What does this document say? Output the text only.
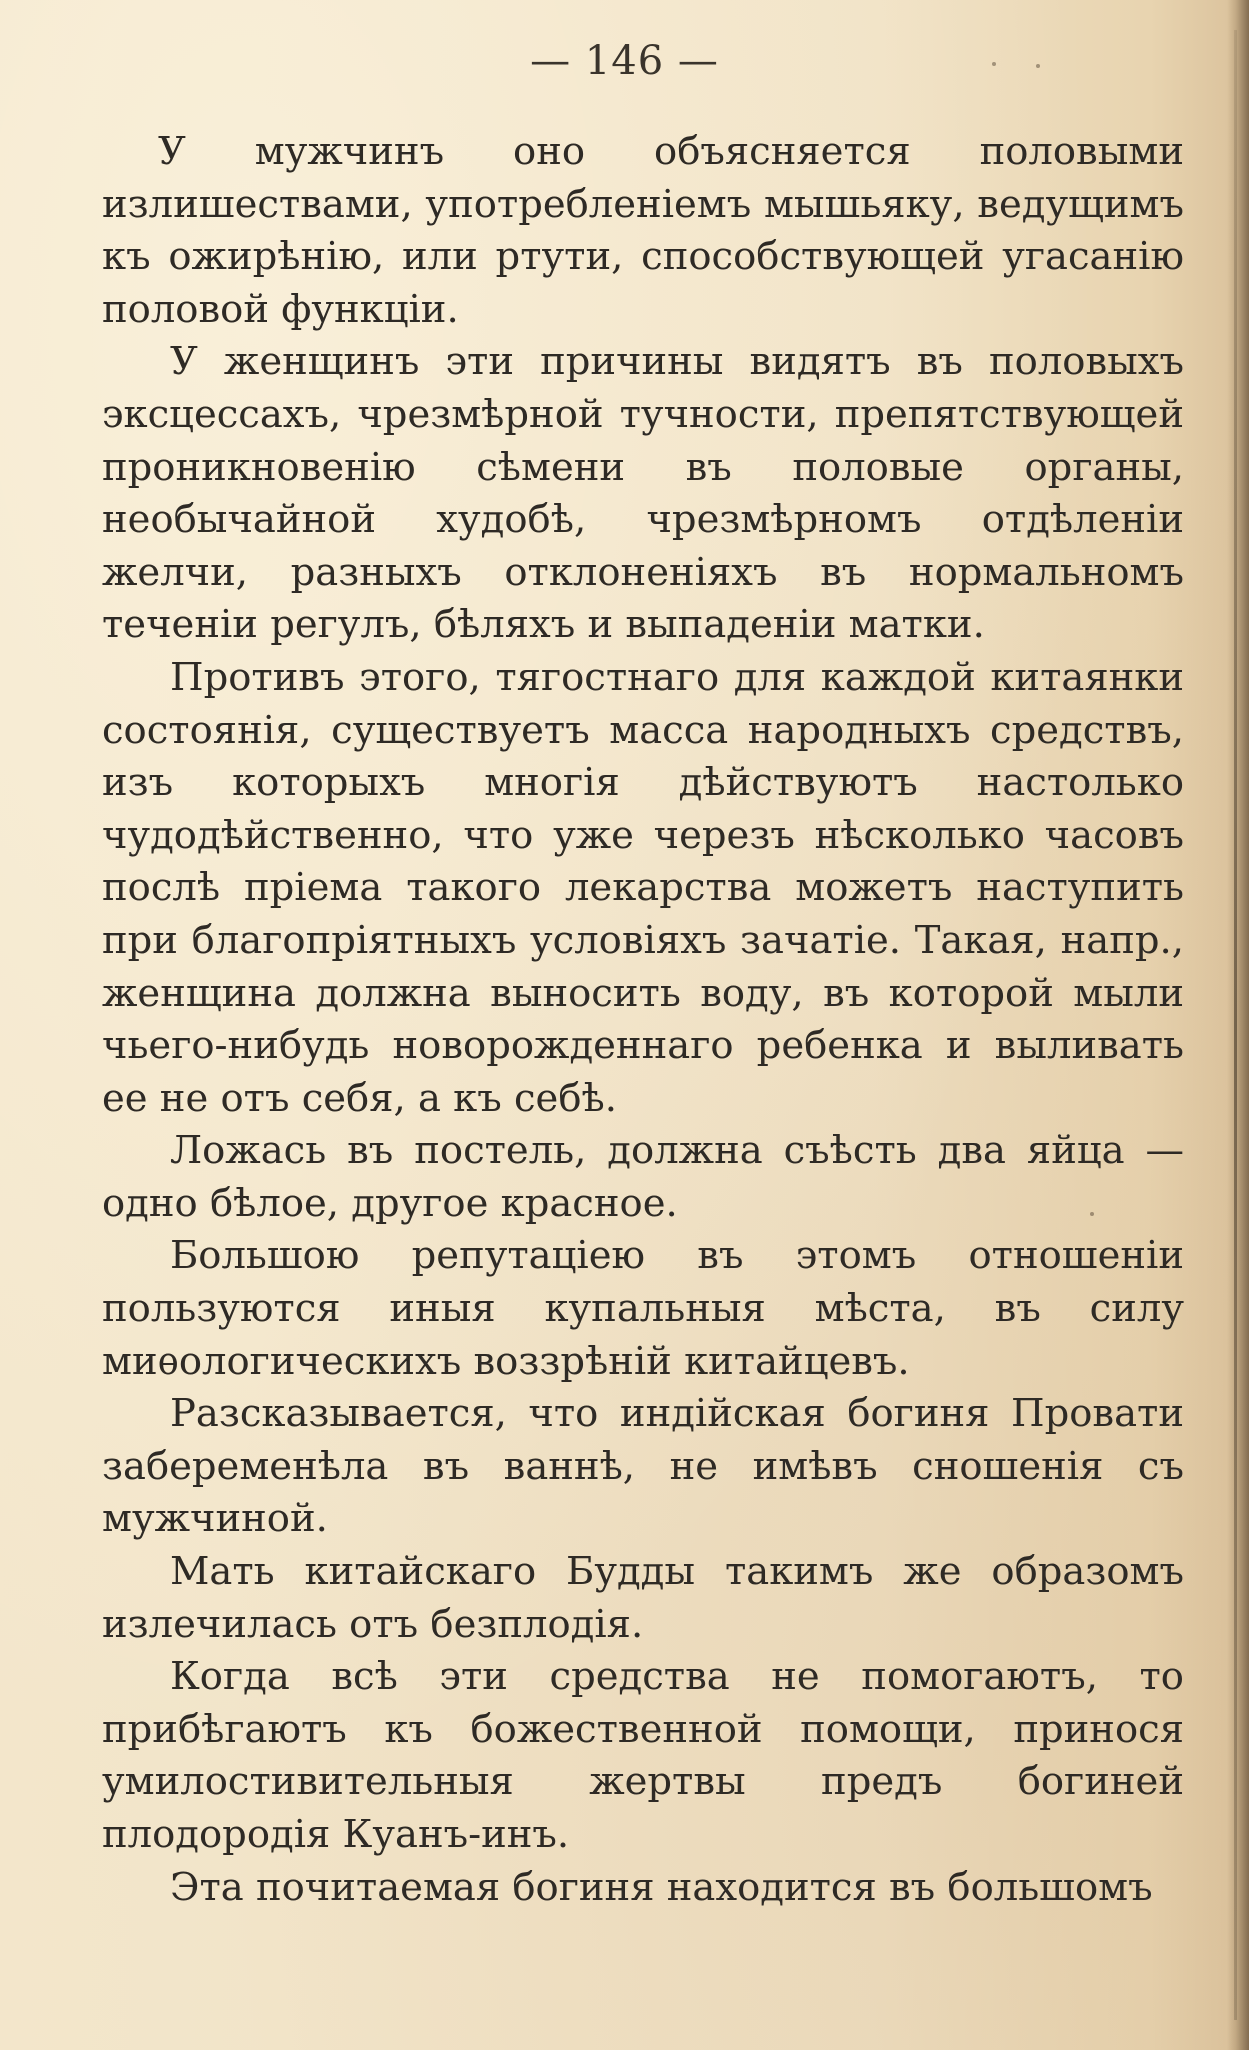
— 146 —

У мужчинъ оно объясняется половыми излишествами, употребленіемъ мышьяку, ведущимъ къ ожирѣнію, или ртути, способствующей угасанію половой функціи.

У женщинъ эти причины видятъ въ половыхъ эксцессахъ, чрезмѣрной тучности, препятствующей проникновенію сѣмени въ половые органы, необычайной худобѣ, чрезмѣрномъ отдѣленіи желчи, разныхъ отклоненіяхъ въ нормальномъ теченіи регулъ, бѣляхъ и выпаденіи матки.

Противъ этого, тягостнаго для каждой китаянки состоянія, существуетъ масса народныхъ средствъ, изъ которыхъ многія дѣйствуютъ настолько чудодѣйственно, что уже черезъ нѣсколько часовъ послѣ пріема такого лекарства можетъ наступить при благопріятныхъ условіяхъ зачатіе. Такая, напр., женщина должна выносить воду, въ которой мыли чьего-нибудь новорожденнаго ребенка и выливать ее не отъ себя, а къ себѣ.

Ложась въ постель, должна съѣсть два яйца — одно бѣлое, другое красное.

Большою репутаціею въ этомъ отношеніи пользуются иныя купальныя мѣста, въ силу миѳологическихъ воззрѣній китайцевъ.

Разсказывается, что индійская богиня Провати забеременѣла въ ваннѣ, не имѣвъ сношенія съ мужчиной.

Мать китайскаго Будды такимъ же образомъ излечилась отъ безплодія.

Когда всѣ эти средства не помогаютъ, то прибѣгаютъ къ божественной помощи, принося умилостивительныя жертвы предъ богиней плодородія Куанъ-инъ.

Эта почитаемая богиня находится въ большомъ
